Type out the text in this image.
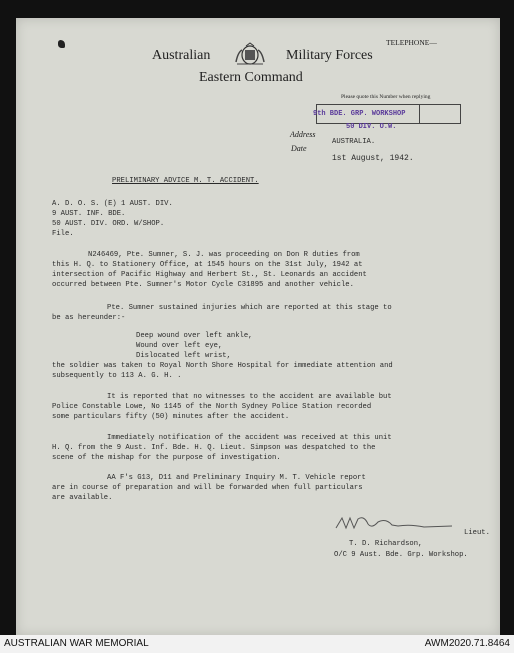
Australian	Military Forces
Eastern Command
TELEPHONE—
Please quote this Number when replying
9th BDE. GRP. WORKSHOP
50 DIV. O.W.
Address
AUSTRALIA.
Date
1st August, 1942.
PRELIMINARY ADVICE M. T. ACCIDENT.
A. D. O. S. (E) 1 AUST. DIV.
9 AUST. INF. BDE.
50 AUST. DIV. ORD. W/SHOP.
File.
N246469, Pte. Sumner, S. J. was proceeding on Don R duties from
this H. Q. to Stationery Office, at 1545 hours on the 31st July, 1942 at
intersection of Pacific Highway and Herbert St., St. Leonards an accident
occurred between Pte. Sumner's Motor Cycle C31895 and another vehicle.
Pte. Sumner sustained injuries which are reported at this stage to
be as hereunder:-
Deep wound over left ankle,
Wound over left eye,
Dislocated left wrist,
the soldier was taken to Royal North Shore Hospital for immediate attention and
subsequently to 113 A. G. H. .
It is reported that no witnesses to the accident are available but
Police Constable Lowe, No 1145 of the North Sydney Police Station recorded
some particulars fifty (50) minutes after the accident.
Immediately notification of the accident was received at this unit
H. Q. from the 9 Aust. Inf. Bde. H. Q. Lieut. Simpson was despatched to the
scene of the mishap for the purpose of investigation.
AA F's G13, D11 and Preliminary Inquiry M. T. Vehicle report
are in course of preparation and will be forwarded when full particulars
are available.
Lieut.
T. D. Richardson,
O/C 9 Aust. Bde. Grp. Workshop.
AUSTRALIAN WAR MEMORIAL	AWM2020.71.8464
